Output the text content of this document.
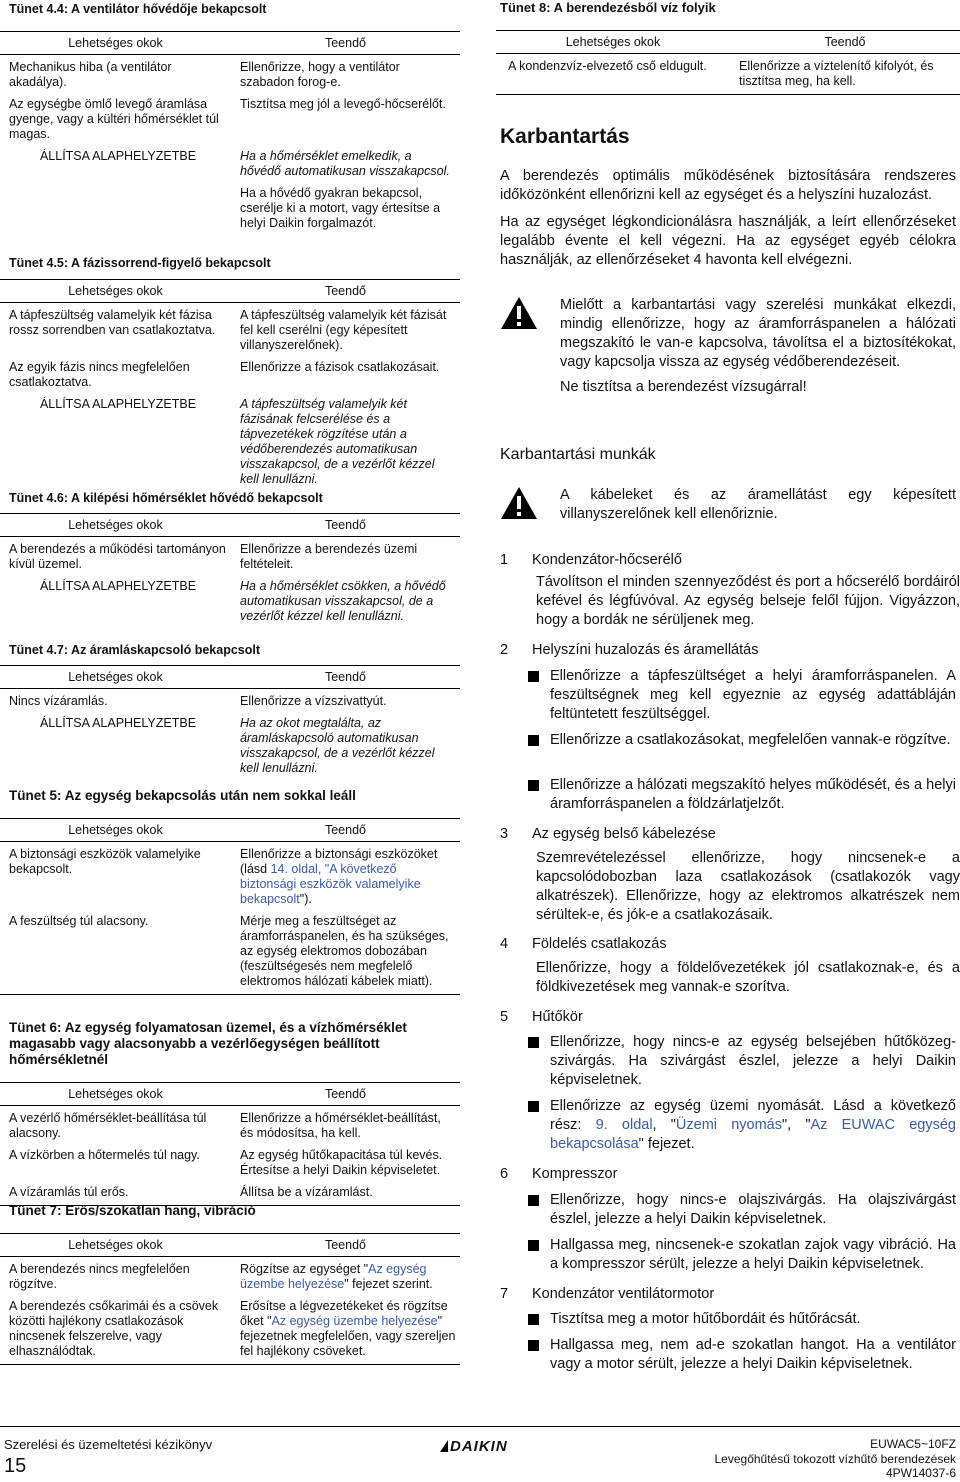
Tünet 4.4: A ventilátor hővédője bekapcsolt
Lehetséges okok	Teendő
Mechanikus hiba (a ventilátor akadálya).	Ellenőrizze, hogy a ventilátor szabadon forog-e.
Az egységbe ömlő levegő áramlása gyenge, vagy a kültéri hőmérséklet túl magas.	Tisztítsa meg jól a levegő-hőcserélőt.
ÁLLÍTSA ALAPHELYZETBE	Ha a hőmérséklet emelkedik, a hővédő automatikusan visszakapcsol.
	Ha a hővédő gyakran bekapcsol, cserélje ki a motort, vagy értesítse a helyi Daikin forgalmazót.
Tünet 4.5: A fázissorrend-figyelő bekapcsolt
Lehetséges okok	Teendő
A tápfeszültség valamelyik két fázisa rossz sorrendben van csatlakoztatva.	A tápfeszültség valamelyik két fázisát fel kell cserélni (egy képesített villanyszerelőnek).
Az egyik fázis nincs megfelelően csatlakoztatva.	Ellenőrizze a fázisok csatlakozásait.
ÁLLÍTSA ALAPHELYZETBE	A tápfeszültség valamelyik két fázisának felcserélése és a tápvezetékek rögzítése után a védőberendezés automatikusan visszakapcsol, de a vezérlőt kézzel kell lenullázni.
Tünet 4.6: A kilépési hőmérséklet hővédő bekapcsolt
Lehetséges okok	Teendő
A berendezés a működési tartományon kívül üzemel.	Ellenőrizze a berendezés üzemi feltételeit.
ÁLLÍTSA ALAPHELYZETBE	Ha a hőmérséklet csökken, a hővédő automatikusan visszakapcsol, de a vezérlőt kézzel kell lenullázni.
Tünet 4.7: Az áramláskapcsoló bekapcsolt
Lehetséges okok	Teendő
Nincs vízáramlás.	Ellenőrizze a vízszivattyút.
ÁLLÍTSA ALAPHELYZETBE	Ha az okot megtalálta, az áramláskapcsoló automatikusan visszakapcsol, de a vezérlőt kézzel kell lenullázni.
Tünet 5: Az egység bekapcsolás után nem sokkal leáll
Lehetséges okok	Teendő
A biztonsági eszközök valamelyike bekapcsolt.	Ellenőrizze a biztonsági eszközöket (lásd 14. oldal, "A következő biztonsági eszközök valamelyike bekapcsolt").
A feszültség túl alacsony.	Mérje meg a feszültséget az áramforráspanelen, és ha szükséges, az egység elektromos dobozában (feszültségesés nem megfelelő elektromos hálózati kábelek miatt).
Tünet 6: Az egység folyamatosan üzemel, és a vízhőmérséklet magasabb vagy alacsonyabb a vezérlőegységen beállított hőmérsékletnél
Lehetséges okok	Teendő
A vezérlő hőmérséklet-beállítása túl alacsony.	Ellenőrizze a hőmérséklet-beállítást, és módosítsa, ha kell.
A vízkörben a hőtermelés túl nagy.	Az egység hűtőkapacitása túl kevés. Értesítse a helyi Daikin képviseletet.
A vízáramlás túl erős.	Állítsa be a vízáramlást.
Tünet 7: Erős/szokatlan hang, vibráció
Lehetséges okok	Teendő
A berendezés nincs megfelelően rögzítve.	Rögzítse az egységet "Az egység üzembe helyezése" fejezet szerint.
A berendezés csőkarimái és a csövek közötti hajlékony csatlakozások nincsenek felszerelve, vagy elhasználódtak.	Erősítse a légvezetékeket és rögzítse őket "Az egység üzembe helyezése" fejezetnek megfelelően, vagy szereljen fel hajlékony csöveket.
Tünet 8: A berendezésből víz folyik
Lehetséges okok	Teendő
A kondenzvíz-elvezető cső eldugult.	Ellenőrizze a víztelenítő kifolyót, és tisztítsa meg, ha kell.
Karbantartás

A berendezés optimális működésének biztosítására rendszeres időközönként ellenőrizni kell az egységet és a helyszíni huzalozást.

Ha az egységet légkondicionálásra használják, a leírt ellenőrzéseket legalább évente el kell végezni. Ha az egységet egyéb célokra használják, az ellenőrzéseket 4 havonta kell elvégezni.

Mielőtt a karbantartási vagy szerelési munkákat elkezdi, mindig ellenőrizze, hogy az áramforráspanelen a hálózati megszakító le van-e kapcsolva, távolítsa el a biztosítékokat, vagy kapcsolja vissza az egység védőberendezéseit.
Ne tisztítsa a berendezést vízsugárral!
Karbantartási munkák
A kábeleket és az áramellátást egy képesített villanyszerelőnek kell ellenőriznie.
1 Kondenzátor-hőcserélő
Távolítson el minden szennyeződést és port a hőcserélő bordáiról kefével és légfúvóval. Az egység belseje felől fújjon. Vigyázzon, hogy a bordák ne sérüljenek meg.
2 Helyszíni huzalozás és áramellátás
Ellenőrizze a tápfeszültséget a helyi áramforráspanelen. A feszültségnek meg kell egyeznie az egység adattábláján feltüntetett feszültséggel.
Ellenőrizze a csatlakozásokat, megfelelően vannak-e rögzítve.
Ellenőrizze a hálózati megszakító helyes működését, és a helyi áramforráspanelen a földzárlatjelzőt.
3 Az egység belső kábelezése
Szemrevételezéssel ellenőrizze, hogy nincsenek-e a kapcsolódobozban laza csatlakozások (csatlakozók vagy alkatrészek). Ellenőrizze, hogy az elektromos alkatrészek nem sérültek-e, és jók-e a csatlakozásaik.
4 Földelés csatlakozás
Ellenőrizze, hogy a földelővezetékek jól csatlakoznak-e, és a földkivezetések meg vannak-e szorítva.
5 Hűtőkör
Ellenőrizze, hogy nincs-e az egység belsejében hűtőközeg-szivárgás. Ha szivárgást észlel, jelezze a helyi Daikin képviseletnek.
Ellenőrizze az egység üzemi nyomását. Lásd a következő rész: 9. oldal, "Üzemi nyomás", "Az EUWAC egység bekapcsolása" fejezet.
6 Kompresszor
Ellenőrizze, hogy nincs-e olajszivárgás. Ha olajszivárgást észlel, jelezze a helyi Daikin képviseletnek.
Hallgassa meg, nincsenek-e szokatlan zajok vagy vibráció. Ha a kompresszor sérült, jelezze a helyi Daikin képviseletnek.
7 Kondenzátor ventilátormotor
Tisztítsa meg a motor hűtőbordáit és hűtőrácsát.
Hallgassa meg, nem ad-e szokatlan hangot. Ha a ventilátor vagy a motor sérült, jelezze a helyi Daikin képviseletnek.
Szerelési és üzemeltetési kézikönyv
15
DAIKIN	EUWAC5~10FZ
Levegőhűtésű tokozott vízhűtő berendezések
4PW14037-6
